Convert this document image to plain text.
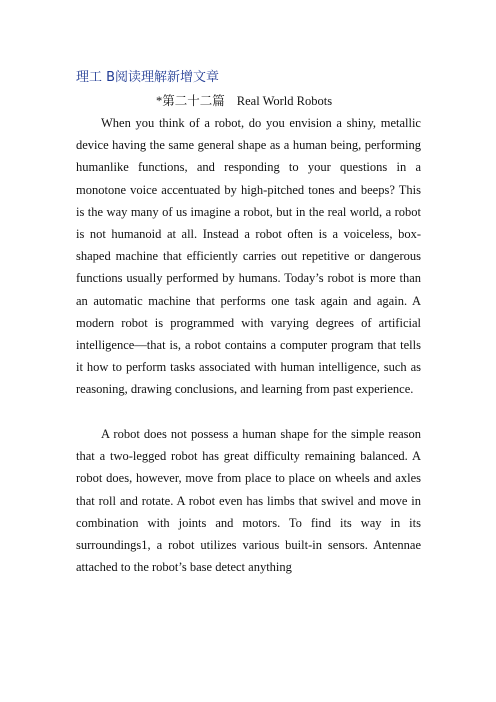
理工 B阅读理解新增文章
*第二十二篇 Real World Robots

When you think of a robot, do you envision a shiny, metallic device having the same general shape as a human being, performing humanlike functions, and responding to your questions in a monotone voice accentuated by high-pitched tones and beeps? This is the way many of us imagine a robot, but in the real world, a robot is not humanoid at all. Instead a robot often is a voiceless, box-shaped machine that efficiently carries out repetitive or dangerous functions usually performed by humans. Today’s robot is more than an automatic machine that performs one task again and again. A modern robot is programmed with varying degrees of artificial intelligence—that is, a robot contains a computer program that tells it how to perform tasks associated with human intelligence, such as reasoning, drawing conclusions, and learning from past experience.

A robot does not possess a human shape for the simple reason that a two-legged robot has great difficulty remaining balanced. A robot does, however, move from place to place on wheels and axles that roll and rotate. A robot even has limbs that swivel and move in combination with joints and motors. To find its way in its surroundings1, a robot utilizes various built-in sensors. Antennae attached to the robot’s base detect anything
